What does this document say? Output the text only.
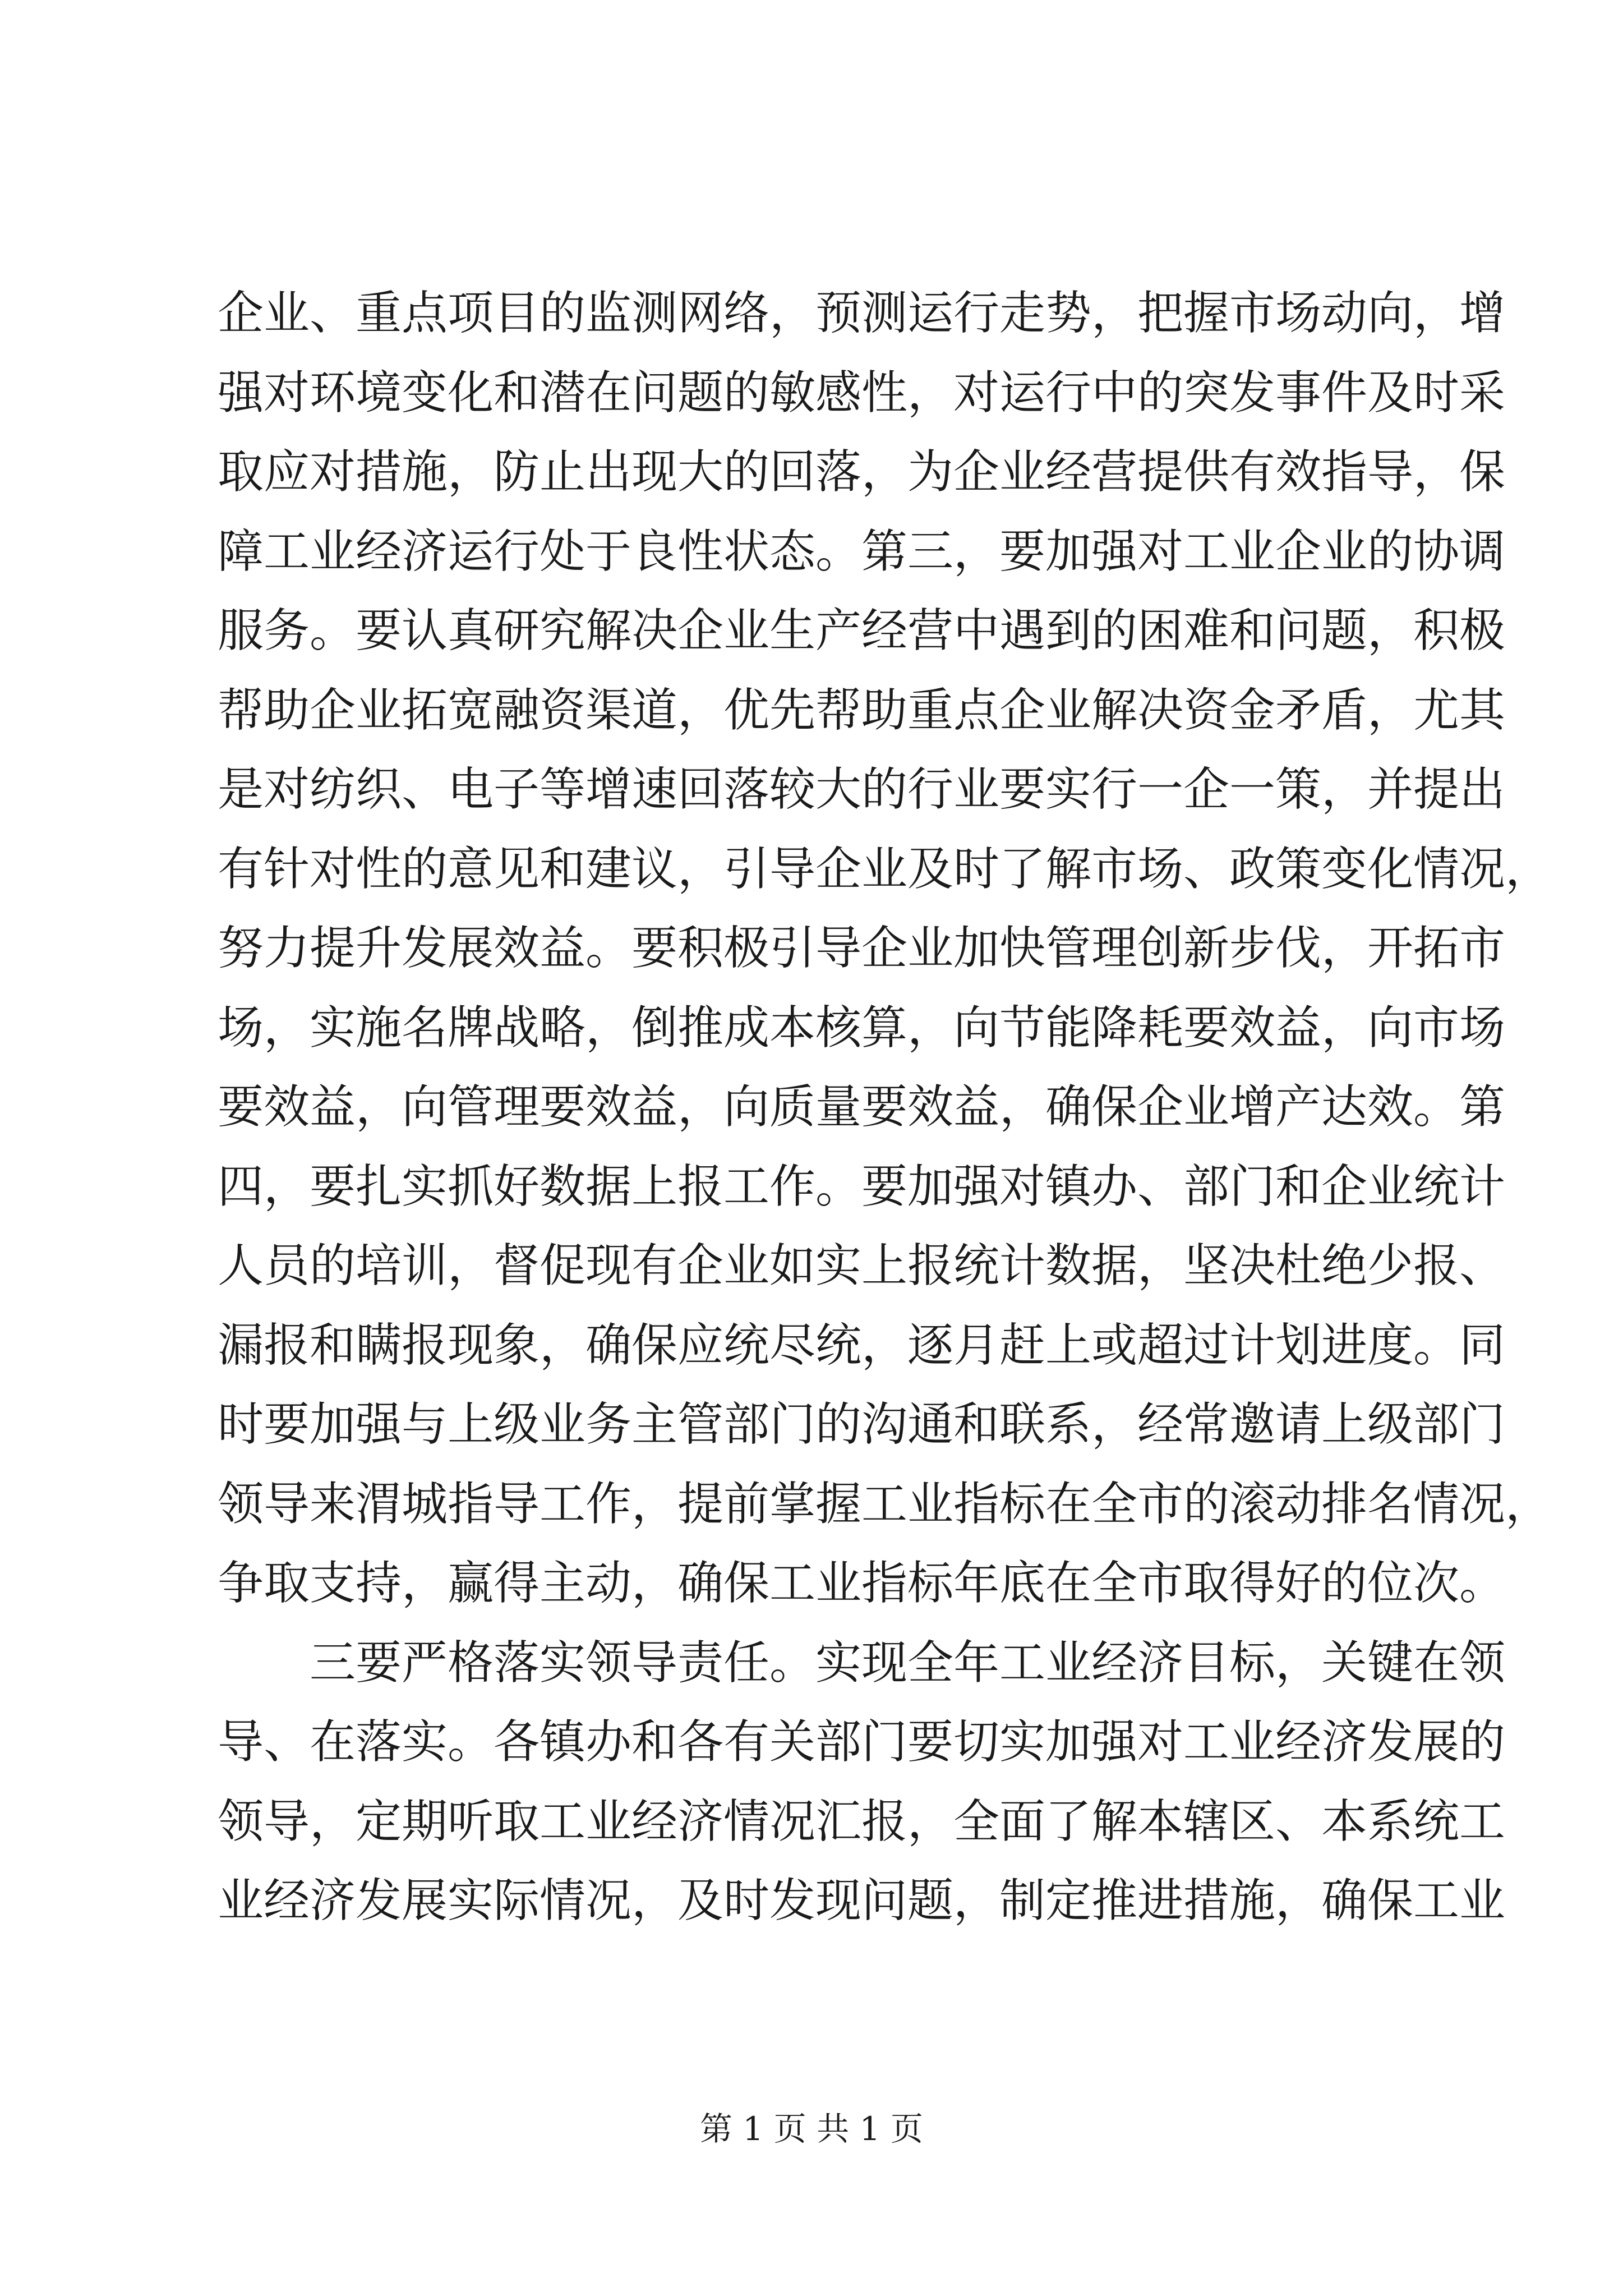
企业、重点项目的监测网络，预测运行走势，把握市场动向，增
强对环境变化和潜在问题的敏感性，对运行中的突发事件及时采
取应对措施，防止出现大的回落，为企业经营提供有效指导，保
障工业经济运行处于良性状态。第三，要加强对工业企业的协调
服务。要认真研究解决企业生产经营中遇到的困难和问题，积极
帮助企业拓宽融资渠道，优先帮助重点企业解决资金矛盾，尤其
是对纺织、电子等增速回落较大的行业要实行一企一策，并提出
有针对性的意见和建议，引导企业及时了解市场、政策变化情况，
努力提升发展效益。要积极引导企业加快管理创新步伐，开拓市
场，实施名牌战略，倒推成本核算，向节能降耗要效益，向市场
要效益，向管理要效益，向质量要效益，确保企业增产达效。第
四，要扎实抓好数据上报工作。要加强对镇办、部门和企业统计
人员的培训，督促现有企业如实上报统计数据，坚决杜绝少报、
漏报和瞒报现象，确保应统尽统，逐月赶上或超过计划进度。同
时要加强与上级业务主管部门的沟通和联系，经常邀请上级部门
领导来渭城指导工作，提前掌握工业指标在全市的滚动排名情况，
争取支持，赢得主动，确保工业指标年底在全市取得好的位次。
三要严格落实领导责任。实现全年工业经济目标，关键在领
导、在落实。各镇办和各有关部门要切实加强对工业经济发展的
领导，定期听取工业经济情况汇报，全面了解本辖区、本系统工
业经济发展实际情况，及时发现问题，制定推进措施，确保工业
第 1 页 共 1 页
